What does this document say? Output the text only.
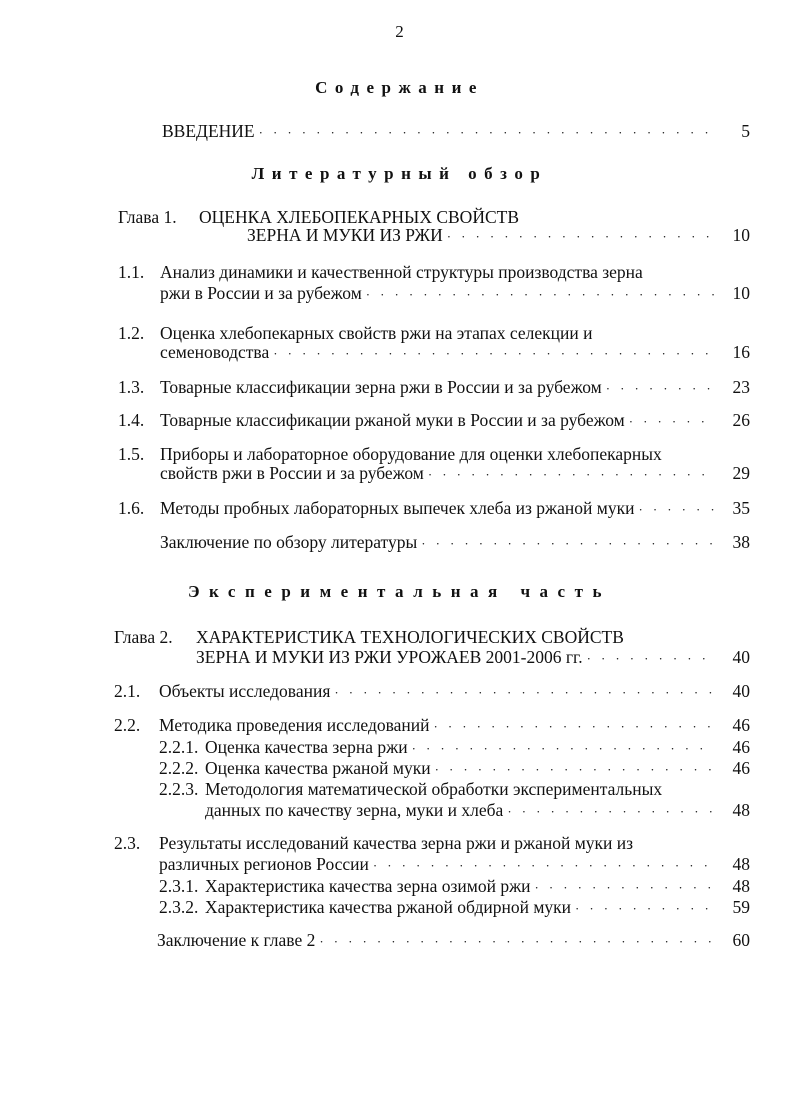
2
Содержание
ВВЕДЕНИЕ · · ·	5
Литературный обзор
Глава 1. ОЦЕНКА ХЛЕБОПЕКАРНЫХ СВОЙСТВ
ЗЕРНА И МУКИ ИЗ РЖИ · · ·	10
1.1. Анализ динамики и качественной структуры производства зерна
ржи в России и за рубежом · · ·	10
1.2. Оценка хлебопекарных свойств ржи на этапах селекции и
семеноводства · · ·	16
1.3. Товарные классификации зерна ржи в России и за рубежом · · ·	23
1.4. Товарные классификации ржаной муки в России и за рубежом · · ·	26
1.5. Приборы и лабораторное оборудование для оценки хлебопекарных
свойств ржи в России и за рубежом · · ·	29
1.6. Методы пробных лабораторных выпечек хлеба из ржаной муки · · ·	35
Заключение по обзору литературы · · ·	38
Экспериментальная часть
Глава 2. ХАРАКТЕРИСТИКА ТЕХНОЛОГИЧЕСКИХ СВОЙСТВ
ЗЕРНА И МУКИ ИЗ РЖИ УРОЖАЕВ 2001-2006 гг. · · ·	40
2.1. Объекты исследования · · ·	40
2.2. Методика проведения исследований · · ·	46
2.2.1. Оценка качества зерна ржи · · ·	46
2.2.2. Оценка качества ржаной муки · · ·	46
2.2.3. Методология математической обработки экспериментальных
данных по качеству зерна, муки и хлеба · · ·	48
2.3. Результаты исследований качества зерна ржи и ржаной муки из
различных регионов России · · ·	48
2.3.1. Характеристика качества зерна озимой ржи · · ·	48
2.3.2. Характеристика качества ржаной обдирной муки · · ·	59
Заключение к главе 2 · · ·	60
